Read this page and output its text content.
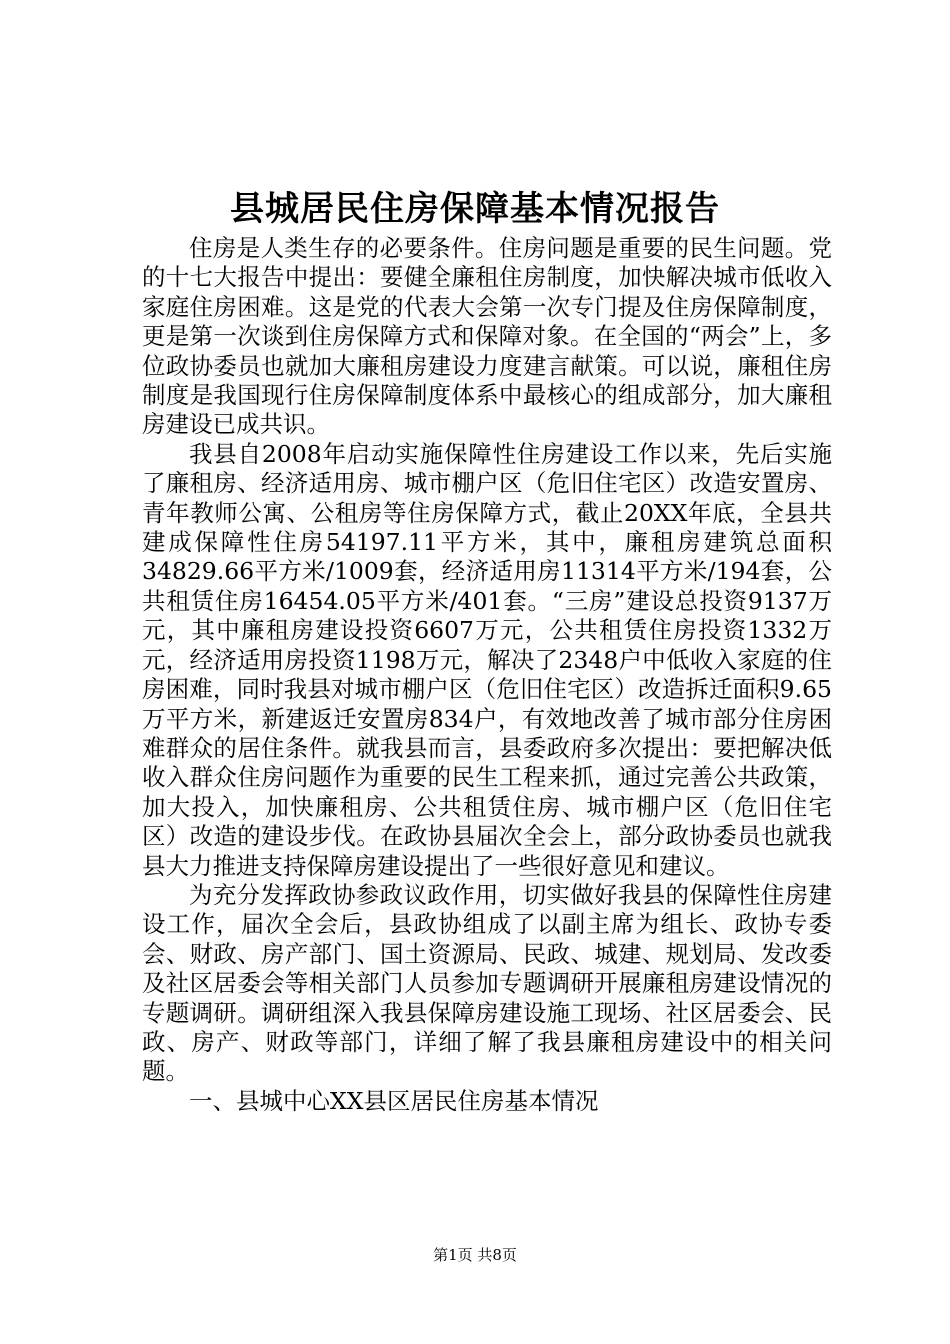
县城居民住房保障基本情况报告

住房是人类生存的必要条件。住房问题是重要的民生问题。党的十七大报告中提出：要健全廉租住房制度，加快解决城市低收入家庭住房困难。这是党的代表大会第一次专门提及住房保障制度，更是第一次谈到住房保障方式和保障对象。在全国的“两会”上，多位政协委员也就加大廉租房建设力度建言献策。可以说，廉租住房制度是我国现行住房保障制度体系中最核心的组成部分，加大廉租房建设已成共识。

我县自2008年启动实施保障性住房建设工作以来，先后实施了廉租房、经济适用房、城市棚户区（危旧住宅区）改造安置房、青年教师公寓、公租房等住房保障方式，截止20XX年底，全县共建成保障性住房54197.11平方米，其中，廉租房建筑总面积34829.66平方米/1009套，经济适用房11314平方米/194套，公共租赁住房16454.05平方米/401套。“三房”建设总投资9137万元，其中廉租房建设投资6607万元，公共租赁住房投资1332万元，经济适用房投资1198万元，解决了2348户中低收入家庭的住房困难，同时我县对城市棚户区（危旧住宅区）改造拆迁面积9.65万平方米，新建返迁安置房834户，有效地改善了城市部分住房困难群众的居住条件。就我县而言，县委政府多次提出：要把解决低收入群众住房问题作为重要的民生工程来抓，通过完善公共政策，加大投入，加快廉租房、公共租赁住房、城市棚户区（危旧住宅区）改造的建设步伐。在政协县届次全会上，部分政协委员也就我县大力推进支持保障房建设提出了一些很好意见和建议。

为充分发挥政协参政议政作用，切实做好我县的保障性住房建设工作，届次全会后，县政协组成了以副主席为组长、政协专委会、财政、房产部门、国土资源局、民政、城建、规划局、发改委及社区居委会等相关部门人员参加专题调研开展廉租房建设情况的专题调研。调研组深入我县保障房建设施工现场、社区居委会、民政、房产、财政等部门，详细了解了我县廉租房建设中的相关问题。

一、县城中心XX县区居民住房基本情况

第1页 共8页
